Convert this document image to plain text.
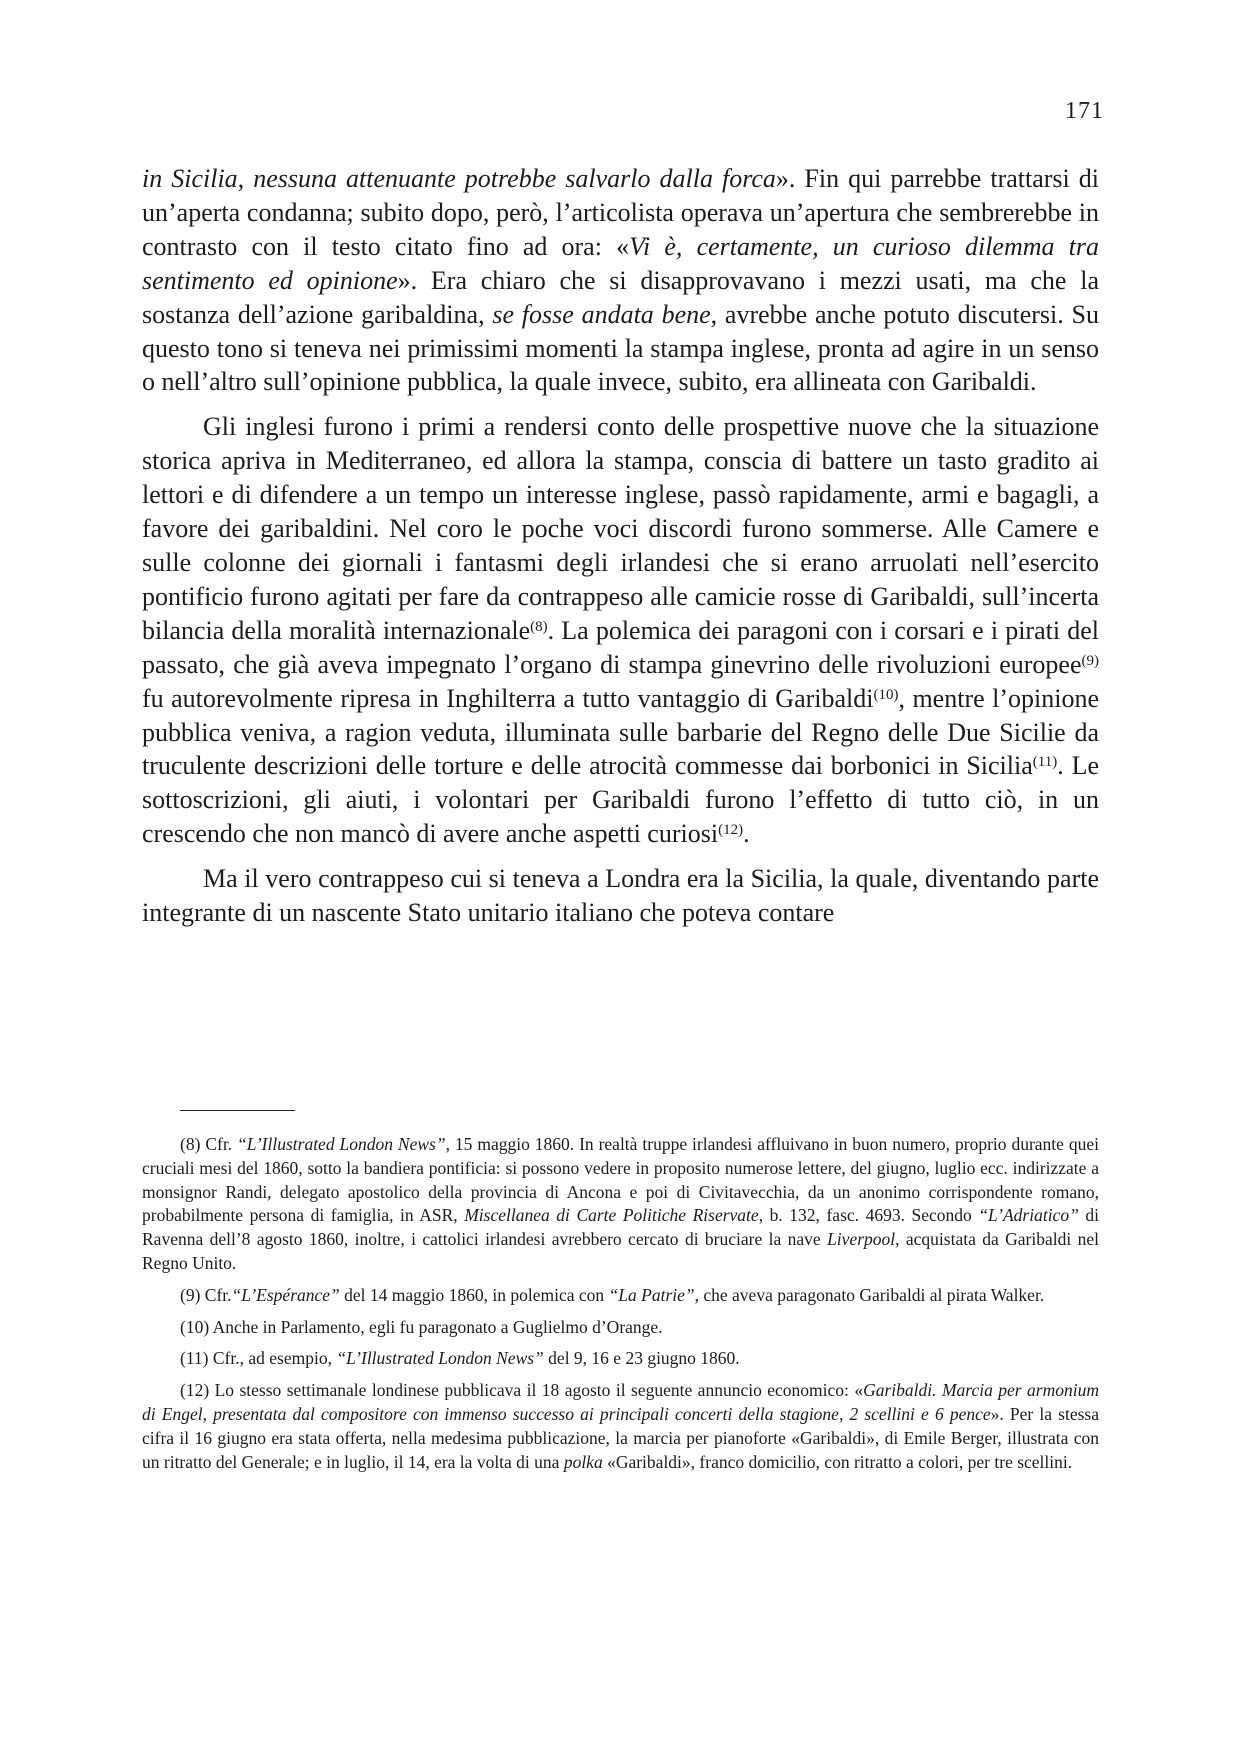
171

in Sicilia, nessuna attenuante potrebbe salvarlo dalla forca». Fin qui parrebbe trattarsi di un’aperta condanna; subito dopo, però, l’articolista operava un’apertura che sembrerebbe in contrasto con il testo citato fino ad ora: «Vi è, certamente, un curioso dilemma tra sentimento ed opinione». Era chiaro che si disapprovavano i mezzi usati, ma che la sostanza dell’azione garibaldina, se fosse andata bene, avrebbe anche potuto discutersi. Su questo tono si teneva nei primissimi momenti la stampa inglese, pronta ad agire in un senso o nell’altro sull’opinione pubblica, la quale invece, subito, era allineata con Garibaldi.

Gli inglesi furono i primi a rendersi conto delle prospettive nuove che la situazione storica apriva in Mediterraneo, ed allora la stampa, conscia di battere un tasto gradito ai lettori e di difendere a un tempo un interesse inglese, passò rapidamente, armi e bagagli, a favore dei garibaldini. Nel coro le poche voci discordi furono sommerse. Alle Camere e sulle colonne dei giornali i fantasmi degli irlandesi che si erano arruolati nell’esercito pontificio furono agitati per fare da contrappeso alle camicie rosse di Garibaldi, sull’incerta bilancia della moralità internazionale$^{(8)}$. La polemica dei paragoni con i corsari e i pirati del passato, che già aveva impegnato l’organo di stampa ginevrino delle rivoluzioni europee$^{(9)}$ fu autorevolmente ripresa in Inghilterra a tutto vantaggio di Garibaldi$^{(10)}$, mentre l’opinione pubblica veniva, a ragion veduta, illuminata sulle barbarie del Regno delle Due Sicilie da truculente descrizioni delle torture e delle atrocità commesse dai borbonici in Sicilia$^{(11)}$. Le sottoscrizioni, gli aiuti, i volontari per Garibaldi furono l’effetto di tutto ciò, in un crescendo che non mancò di avere anche aspetti curiosi$^{(12)}$.

Ma il vero contrappeso cui si teneva a Londra era la Sicilia, la quale, diventando parte integrante di un nascente Stato unitario italiano che poteva contare

(8) Cfr. “L’Illustrated London News”, 15 maggio 1860. In realtà truppe irlandesi affluivano in buon numero, proprio durante quei cruciali mesi del 1860, sotto la bandiera pontificia: si possono vedere in proposito numerose lettere, del giugno, luglio ecc. indirizzate a monsignor Randi, delegato apostolico della provincia di Ancona e poi di Civitavecchia, da un anonimo corrispondente romano, probabilmente persona di famiglia, in ASR, Miscellanea di Carte Politiche Riservate, b. 132, fasc. 4693. Secondo “L’Adriatico” di Ravenna dell’8 agosto 1860, inoltre, i cattolici irlandesi avrebbero cercato di bruciare la nave Liverpool, acquistata da Garibaldi nel Regno Unito.

(9) Cfr.“L’Espérance” del 14 maggio 1860, in polemica con “La Patrie”, che aveva paragonato Garibaldi al pirata Walker.

(10) Anche in Parlamento, egli fu paragonato a Guglielmo d’Orange.

(11) Cfr., ad esempio, “L’Illustrated London News” del 9, 16 e 23 giugno 1860.

(12) Lo stesso settimanale londinese pubblicava il 18 agosto il seguente annuncio economico: «Garibaldi. Marcia per armonium di Engel, presentata dal compositore con immenso successo ai principali concerti della stagione, 2 scellini e 6 pence». Per la stessa cifra il 16 giugno era stata offerta, nella medesima pubblicazione, la marcia per pianoforte «Garibaldi», di Emile Berger, illustrata con un ritratto del Generale; e in luglio, il 14, era la volta di una polka «Garibaldi», franco domicilio, con ritratto a colori, per tre scellini.
